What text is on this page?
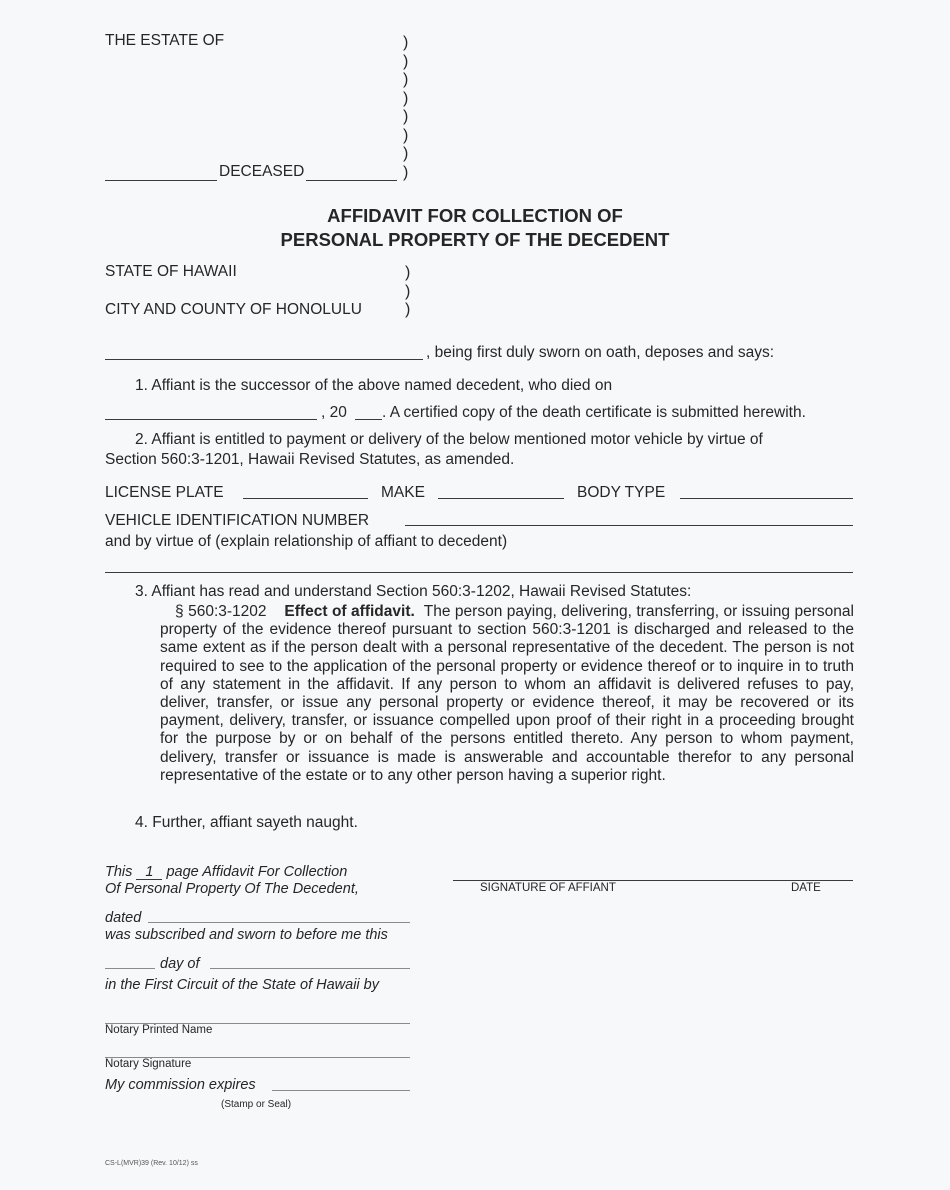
THE ESTATE OF	)
)
)
)
)
)
)
)
DECEASED
AFFIDAVIT FOR COLLECTION OF
PERSONAL PROPERTY OF THE DECEDENT
STATE OF HAWAII
CITY AND COUNTY OF HONOLULU
)
)
)
, being first duly sworn on oath, deposes and says:
1. Affiant is the successor of the above named decedent, who died on
, 20 . A certified copy of the death certificate is submitted herewith.
2. Affiant is entitled to payment or delivery of the below mentioned motor vehicle by virtue of
Section 560:3-1201, Hawaii Revised Statutes, as amended.
LICENSE PLATE	MAKE	BODY TYPE
VEHICLE IDENTIFICATION NUMBER
and by virtue of (explain relationship of affiant to decedent)
3. Affiant has read and understand Section 560:3-1202, Hawaii Revised Statutes:
§ 560:3-1202 Effect of affidavit. The person paying, delivering, transferring, or issuing personal property of the evidence thereof pursuant to section 560:3-1201 is discharged and released to the same extent as if the person dealt with a personal representative of the decedent. The person is not required to see to the application of the personal property or evidence thereof or to inquire in to truth of any statement in the affidavit. If any person to whom an affidavit is delivered refuses to pay, deliver, transfer, or issue any personal property or evidence thereof, it may be recovered or its payment, delivery, transfer, or issuance compelled upon proof of their right in a proceeding brought for the purpose by or on behalf of the persons entitled thereto. Any person to whom payment, delivery, transfer or issuance is made is answerable and accountable therefor to any personal representative of the estate or to any other person having a superior right.
4. Further, affiant sayeth naught.
This 1 page Affidavit For Collection
Of Personal Property Of The Decedent,
dated
was subscribed and sworn to before me this
day of
in the First Circuit of the State of Hawaii by
Notary Printed Name
Notary Signature
My commission expires
(Stamp or Seal)
SIGNATURE OF AFFIANT	DATE
CS-L(MVR)39 (Rev. 10/12) ss
